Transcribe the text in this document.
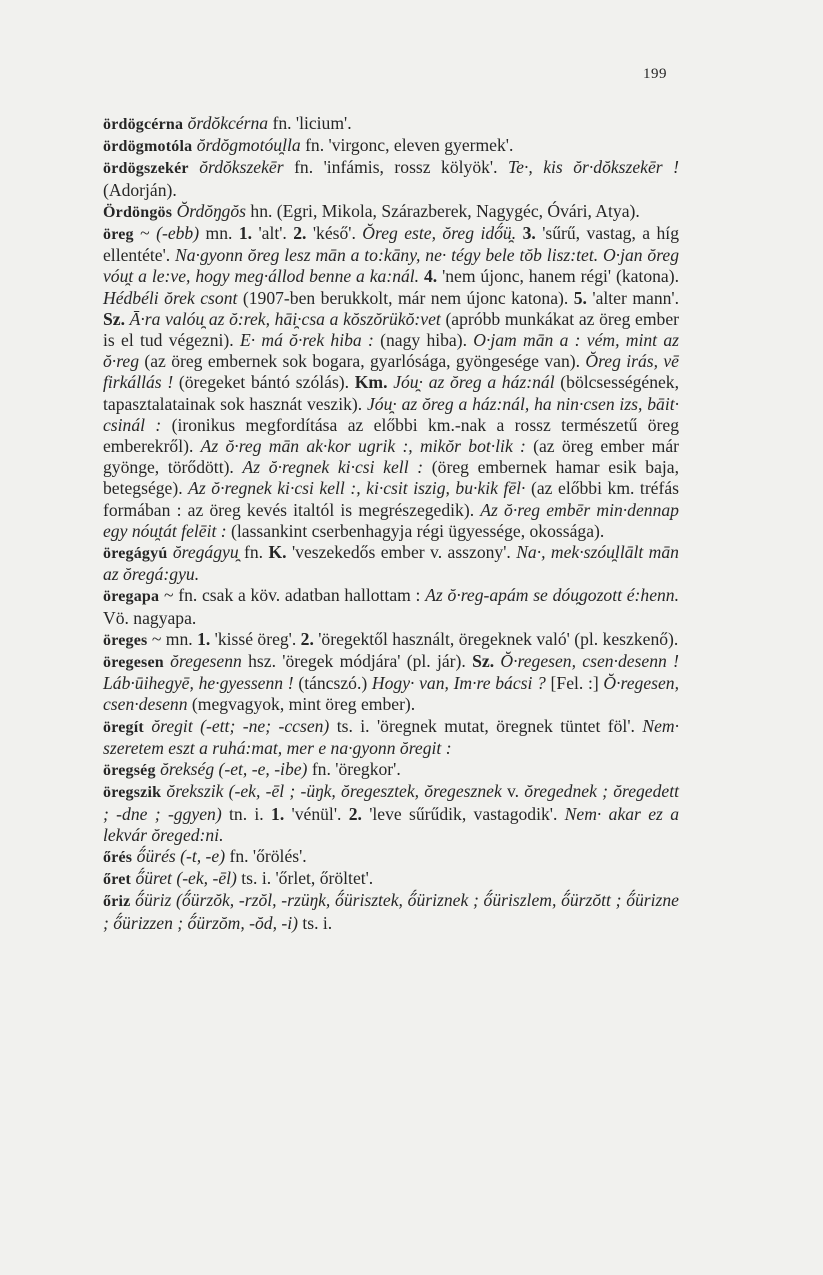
199

ördögcérna ŏrdŏkcérna fn. 'licium'.

ördögmotóla ŏrdŏgmotóu̯lla fn. 'virgonc, eleven gyermek'.

ördögszekér ŏrdŏkszekēr fn. 'infámis, rossz kölyök'. Te·, kis ŏr·dŏkszekēr ! (Adorján).

Ördöngös Ŏrdŏŋgŏs hn. (Egri, Mikola, Szárazberek, Nagygéc, Óvári, Atya).

öreg ~ (-ebb) mn. 1. 'alt'. 2. 'késő'. Ŏreg este, ŏreg idő́ü̯. 3. 'sűrű, vastag, a híg ellentéte'. Na·gyonn ŏreg lesz mān a to:kāny, ne· tégy bele tŏb lisz:tet. O·jan ŏreg vóu̯t a le:ve, hogy meg·állod benne a ka:nál. 4. 'nem újonc, hanem régi' (katona). Hédbéli ŏrek csont (1907-ben berukkolt, már nem újonc katona). 5. 'alter mann'. Sz. Ā·ra valóu̯ az ŏ:rek, hāi̯·csa a kŏszŏrükŏ:vet (apróbb munkákat az öreg ember is el tud végezni). E· má ŏ·rek hiba : (nagy hiba). O·jam mān a : vém, mint az ŏ·reg (az öreg embernek sok bogara, gyarlósága, gyöngesége van). Ŏreg irás, vē firkállás ! (öregeket bántó szólás). Km. Jóu̯· az ŏreg a ház:nál (bölcsességének, tapasztalatainak sok hasznát veszik). Jóu̯· az ŏreg a ház:nál, ha nin·csen izs, bāit· csinál : (ironikus megfordítása az előbbi km.-nak a rossz természetű öreg emberekről). Az ŏ·reg mān ak·kor ugrik :, mikŏr bot·lik : (az öreg ember már gyönge, törődött). Az ŏ·regnek ki·csi kell : (öreg embernek hamar esik baja, betegsége). Az ŏ·regnek ki·csi kell :, ki·csit iszig, bu·kik fēl· (az előbbi km. tréfás formában : az öreg kevés italtól is megrészegedik). Az ŏ·reg embēr min·dennap egy nóu̯tát felēit : (lassankint cserbenhagyja régi ügyessége, okossága).

öregágyú ŏregágyu̯ fn. K. 'veszekedős ember v. asszony'. Na·, mek·szóu̯llālt mān az ŏregá:gyu.

öregapa ~ fn. csak a köv. adatban hallottam : Az ŏ·reg-apám se dóu̯gozott é:henn. Vö. nagyapa.

öreges ~ mn. 1. 'kissé öreg'. 2. 'öregektől használt, öregeknek való' (pl. keszkenő).

öregesen ŏregesenn hsz. 'öregek módjára' (pl. jár). Sz. Ŏ·regesen, csen·desenn ! Láb·ūihegyē, he·gyessenn ! (táncszó.) Hogy· van, Im·re bácsi ? [Fel. :] Ŏ·regesen, csen·desenn (megvagyok, mint öreg ember).

öregít ŏregit (-ett; -ne; -ccsen) ts. i. 'öregnek mutat, öregnek tüntet föl'. Nem· szeretem eszt a ruhá:mat, mer e na·gyonn ŏregit :

öregség ŏrekség (-et, -e, -ibe) fn. 'öregkor'.

öregszik ŏrekszik (-ek, -ēl ; -üŋk, ŏregesztek, ŏregesznek v. ŏregednek ; ŏregedett ; -dne ; -ggyen) tn. i. 1. 'vénül'. 2. 'leve sűrűdik, vastagodik'. Nem· akar ez a lekvár ŏreged:ni.

őrés ő́ürés (-t, -e) fn. 'őrölés'.

őret ő́üret (-ek, -ēl) ts. i. 'őrlet, őröltet'.

őriz ő́üriz (ő́ürzŏk, -rzŏl, -rzüŋk, ő́ürisztek, ő́üriznek ; ő́üriszlem, ő́ürzŏtt ; ő́ürizne ; ő́ürizzen ; ő́ürzŏm, -ŏd, -i) ts. i.
